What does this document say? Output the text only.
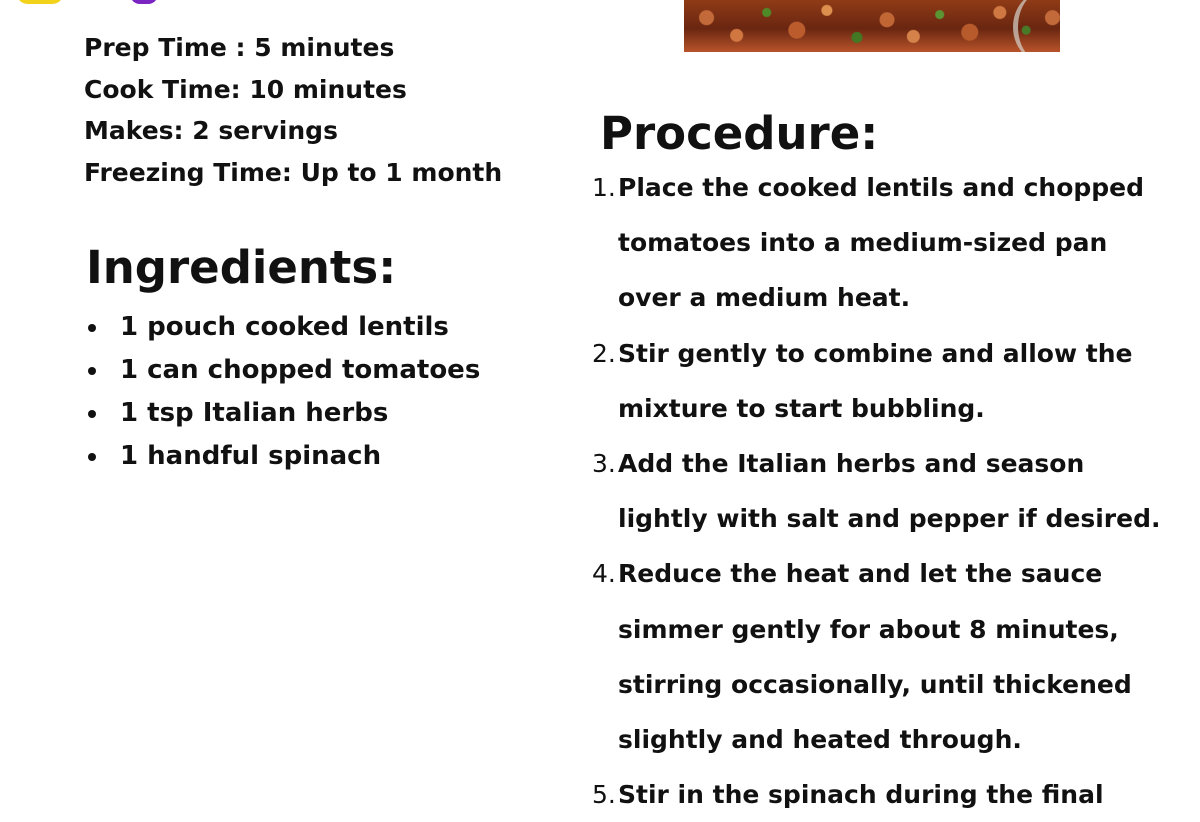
Prep Time : 5 minutes
Cook Time: 10 minutes
Makes: 2 servings
Freezing Time: Up to 1 month
Ingredients:
1 pouch cooked lentils
1 can chopped tomatoes
1 tsp Italian herbs
1 handful spinach
Procedure:
1. Place the cooked lentils and chopped
tomatoes into a medium-sized pan
over a medium heat.
2. Stir gently to combine and allow the
mixture to start bubbling.
3. Add the Italian herbs and season
lightly with salt and pepper if desired.
4. Reduce the heat and let the sauce
simmer gently for about 8 minutes,
stirring occasionally, until thickened
slightly and heated through.
5. Stir in the spinach during the final
